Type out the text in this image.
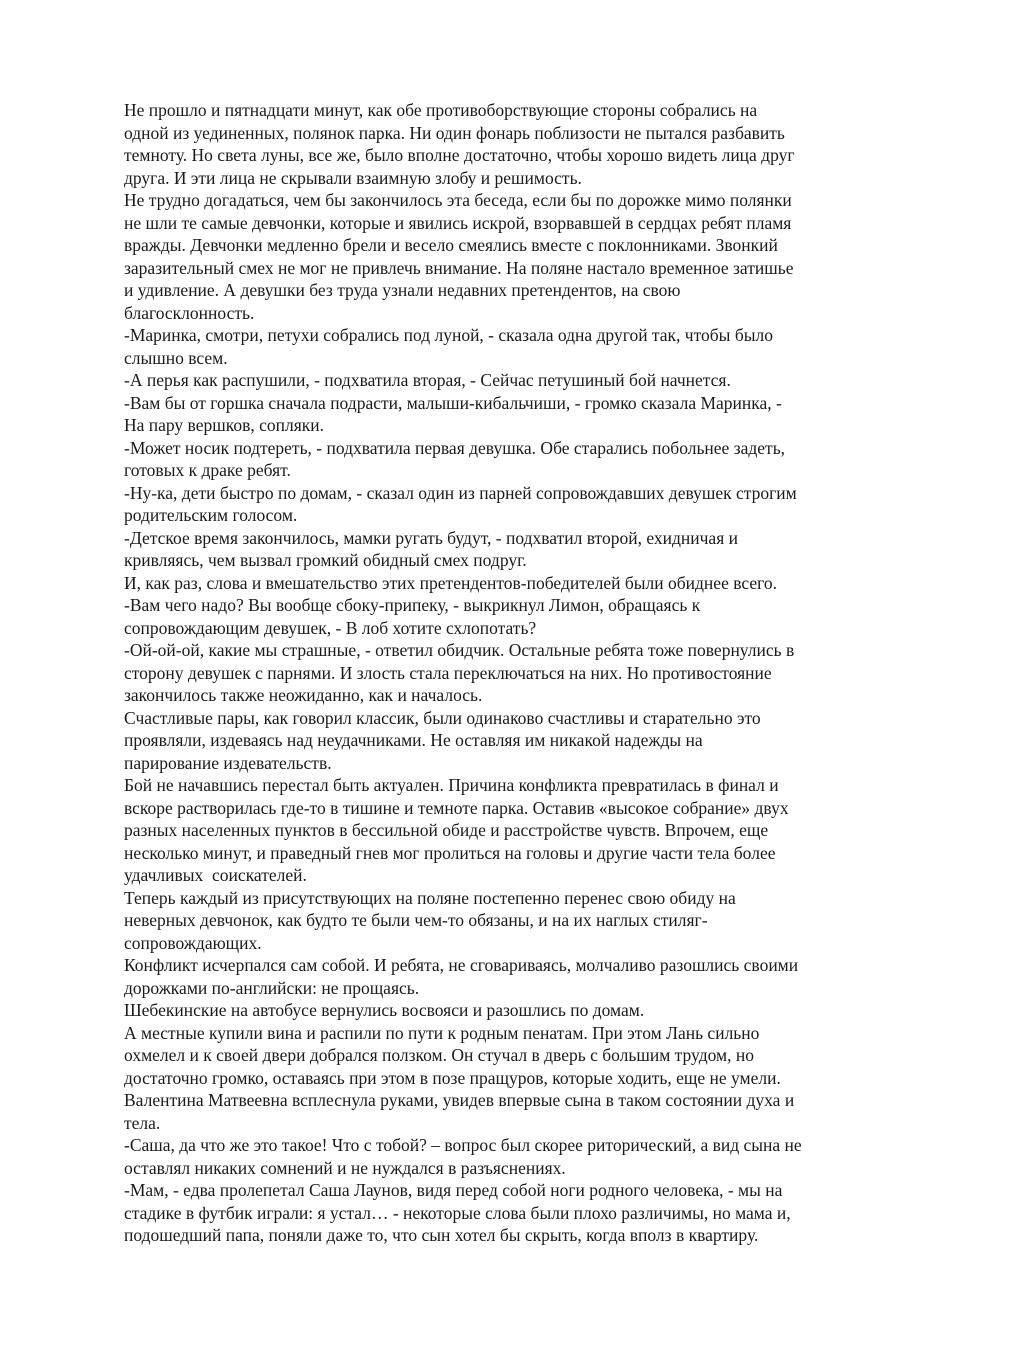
Не прошло и пятнадцати минут, как обе противоборствующие стороны собрались на

одной из уединенных, полянок парка. Ни один фонарь поблизости не пытался разбавить

темноту. Но света луны, все же, было вполне достаточно, чтобы хорошо видеть лица друг

друга. И эти лица не скрывали взаимную злобу и решимость.

Не трудно догадаться, чем бы закончилось эта беседа, если бы по дорожке мимо полянки

не шли те самые девчонки, которые и явились искрой, взорвавшей в сердцах ребят пламя

вражды. Девчонки медленно брели и весело смеялись вместе с поклонниками. Звонкий

заразительный смех не мог не привлечь внимание. На поляне настало временное затишье

и удивление. А девушки без труда узнали недавних претендентов, на свою

благосклонность.

-Маринка, смотри, петухи собрались под луной, - сказала одна другой так, чтобы было

слышно всем.

-А перья как распушили, - подхватила вторая, - Сейчас петушиный бой начнется.

-Вам бы от горшка сначала подрасти, малыши-кибальчиши, - громко сказала Маринка, -

На пару вершков, сопляки.

-Может носик подтереть, - подхватила первая девушка. Обе старались побольнее задеть,

готовых к драке ребят.

-Ну-ка, дети быстро по домам, - сказал один из парней сопровождавших девушек строгим

родительским голосом.

-Детское время закончилось, мамки ругать будут, - подхватил второй, ехидничая и

кривляясь, чем вызвал громкий обидный смех подруг.

И, как раз, слова и вмешательство этих претендентов-победителей были обиднее всего.

-Вам чего надо? Вы вообще сбоку-припеку, - выкрикнул Лимон, обращаясь к

сопровождающим девушек, - В лоб хотите схлопотать?

-Ой-ой-ой, какие мы страшные, - ответил обидчик. Остальные ребята тоже повернулись в

сторону девушек с парнями. И злость стала переключаться на них. Но противостояние

закончилось также неожиданно, как и началось.

Счастливые пары, как говорил классик, были одинаково счастливы и старательно это

проявляли, издеваясь над неудачниками. Не оставляя им никакой надежды на

парирование издевательств.

Бой не начавшись перестал быть актуален. Причина конфликта превратилась в финал и

вскоре растворилась где-то в тишине и темноте парка. Оставив «высокое собрание» двух

разных населенных пунктов в бессильной обиде и расстройстве чувств. Впрочем, еще

несколько минут, и праведный гнев мог пролиться на головы и другие части тела более

удачливых  соискателей.

Теперь каждый из присутствующих на поляне постепенно перенес свою обиду на

неверных девчонок, как будто те были чем-то обязаны, и на их наглых стиляг-

сопровождающих.

Конфликт исчерпался сам собой. И ребята, не сговариваясь, молчаливо разошлись своими

дорожками по-английски: не прощаясь.

Шебекинские на автобусе вернулись восвояси и разошлись по домам.

А местные купили вина и распили по пути к родным пенатам. При этом Лань сильно

охмелел и к своей двери добрался ползком. Он стучал в дверь с большим трудом, но

достаточно громко, оставаясь при этом в позе пращуров, которые ходить, еще не умели.

Валентина Матвеевна всплеснула руками, увидев впервые сына в таком состоянии духа и

тела.

-Саша, да что же это такое! Что с тобой? – вопрос был скорее риторический, а вид сына не

оставлял никаких сомнений и не нуждался в разъяснениях.

-Мам, - едва пролепетал Саша Лаунов, видя перед собой ноги родного человека, - мы на

стадике в футбик играли: я устал… - некоторые слова были плохо различимы, но мама и,

подошедший папа, поняли даже то, что сын хотел бы скрыть, когда вполз в квартиру.
